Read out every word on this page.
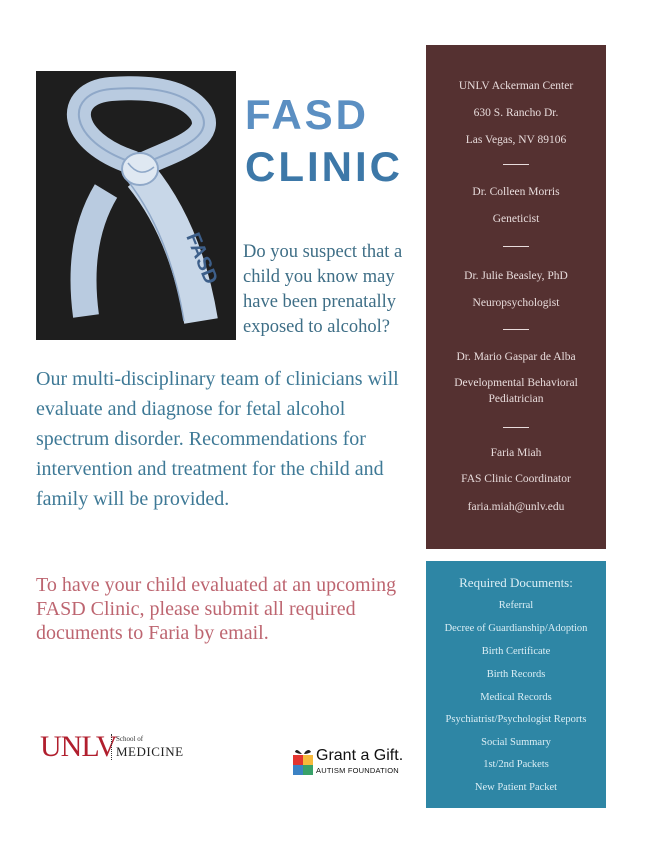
FASD
FASD
CLINIC
Do you suspect that a child you know may have been prenatally exposed to alcohol?
Our multi-disciplinary team of clinicians will evaluate and diagnose for fetal alcohol spectrum disorder. Recommendations for intervention and treatment for the child and family will be provided.
To have your child evaluated at an upcoming FASD Clinic, please submit all required documents to Faria by email.
UNLV Ackerman Center
630 S. Rancho Dr.
Las Vegas, NV 89106
Dr. Colleen Morris
Geneticist
Dr. Julie Beasley, PhD
Neuropsychologist
Dr. Mario Gaspar de Alba
Developmental Behavioral
Pediatrician
Faria Miah
FAS Clinic Coordinator
faria.miah@unlv.edu
Required Documents:
Referral
Decree of Guardianship/Adoption
Birth Certificate
Birth Records
Medical Records
Psychiatrist/Psychologist Reports
Social Summary
1st/2nd Packets
New Patient Packet
UNLV School of
MEDICINE	Grant a Gift.
AUTISM FOUNDATION
